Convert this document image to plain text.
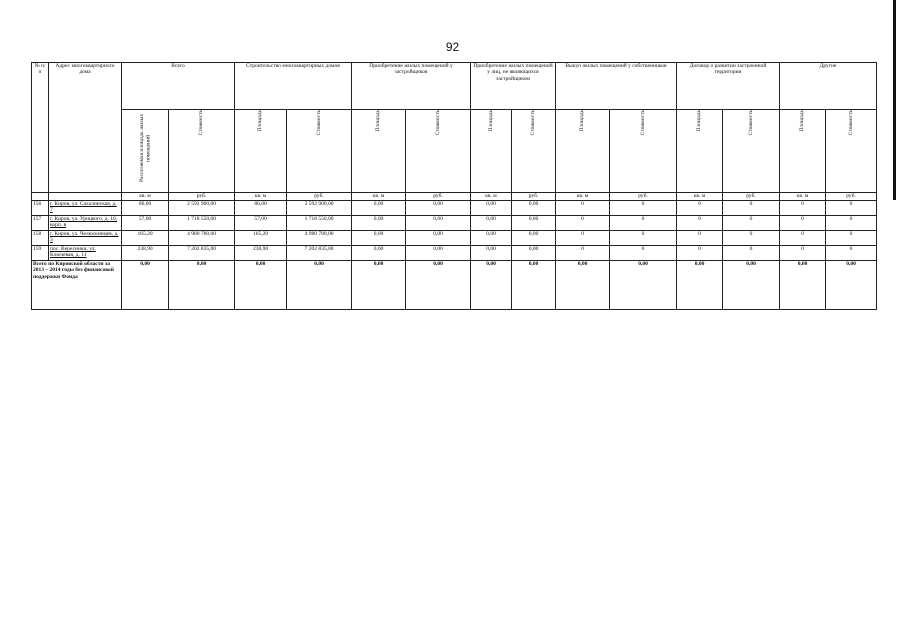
92
№ п/п	Адрес многоквартирного дома	Всего		Строительство многоквартирных домов		Приобретение жилых помещений у застройщиков		Приобретение жилых помещений у лиц, не являющихся застройщиком		Выкуп жилых помещений у собственников		Договор о развитии застроенной территории		Другие	
		Расселяемая площадь жилых помещений	Стоимость	Площадь	Стоимость	Площадь	Стоимость	Площадь	Стоимость	Площадь	Стоимость	Площадь	Стоимость	Площадь	Стоимость
		кв. м	руб.	кв. м	руб.	кв. м	руб.	кв. м	руб.	кв. м	руб.	кв. м	руб.	кв. м	руб.
156	г. Киров, ул. Сахалинская, д. 7	86,00	2 592 900,00	86,00	2 592 900,00	0,00	0,00	0,00	0,00	0	0	0	0	0	0
157	г. Киров, ул. Урицкого, д. 10, корп. в	57,00	1 718 550,00	57,00	1 718 550,00	0,00	0,00	0,00	0,00	0	0	0	0	0	0
158	г. Киров, ул. Челюскинцев, д. 3	165,20	4 980 780,00	165,20	4 980 780,00	0,00	0,00	0,00	0,00	0	0	0	0	0	0
159	пос. Вересники, ул. Ключевая, д. 11	238,90	7 202 835,00	238,90	7 202 835,00	0,00	0,00	0,00	0,00	0	0	0	0	0	0
Всего по Кировской области за 2013 – 2014 годы без финансовой поддержки Фонда		0,00	0,00	0,00	0,00	0,00	0,00	0,00	0,00	0,00	0,00	0,00	0,00	0,00	0,00
